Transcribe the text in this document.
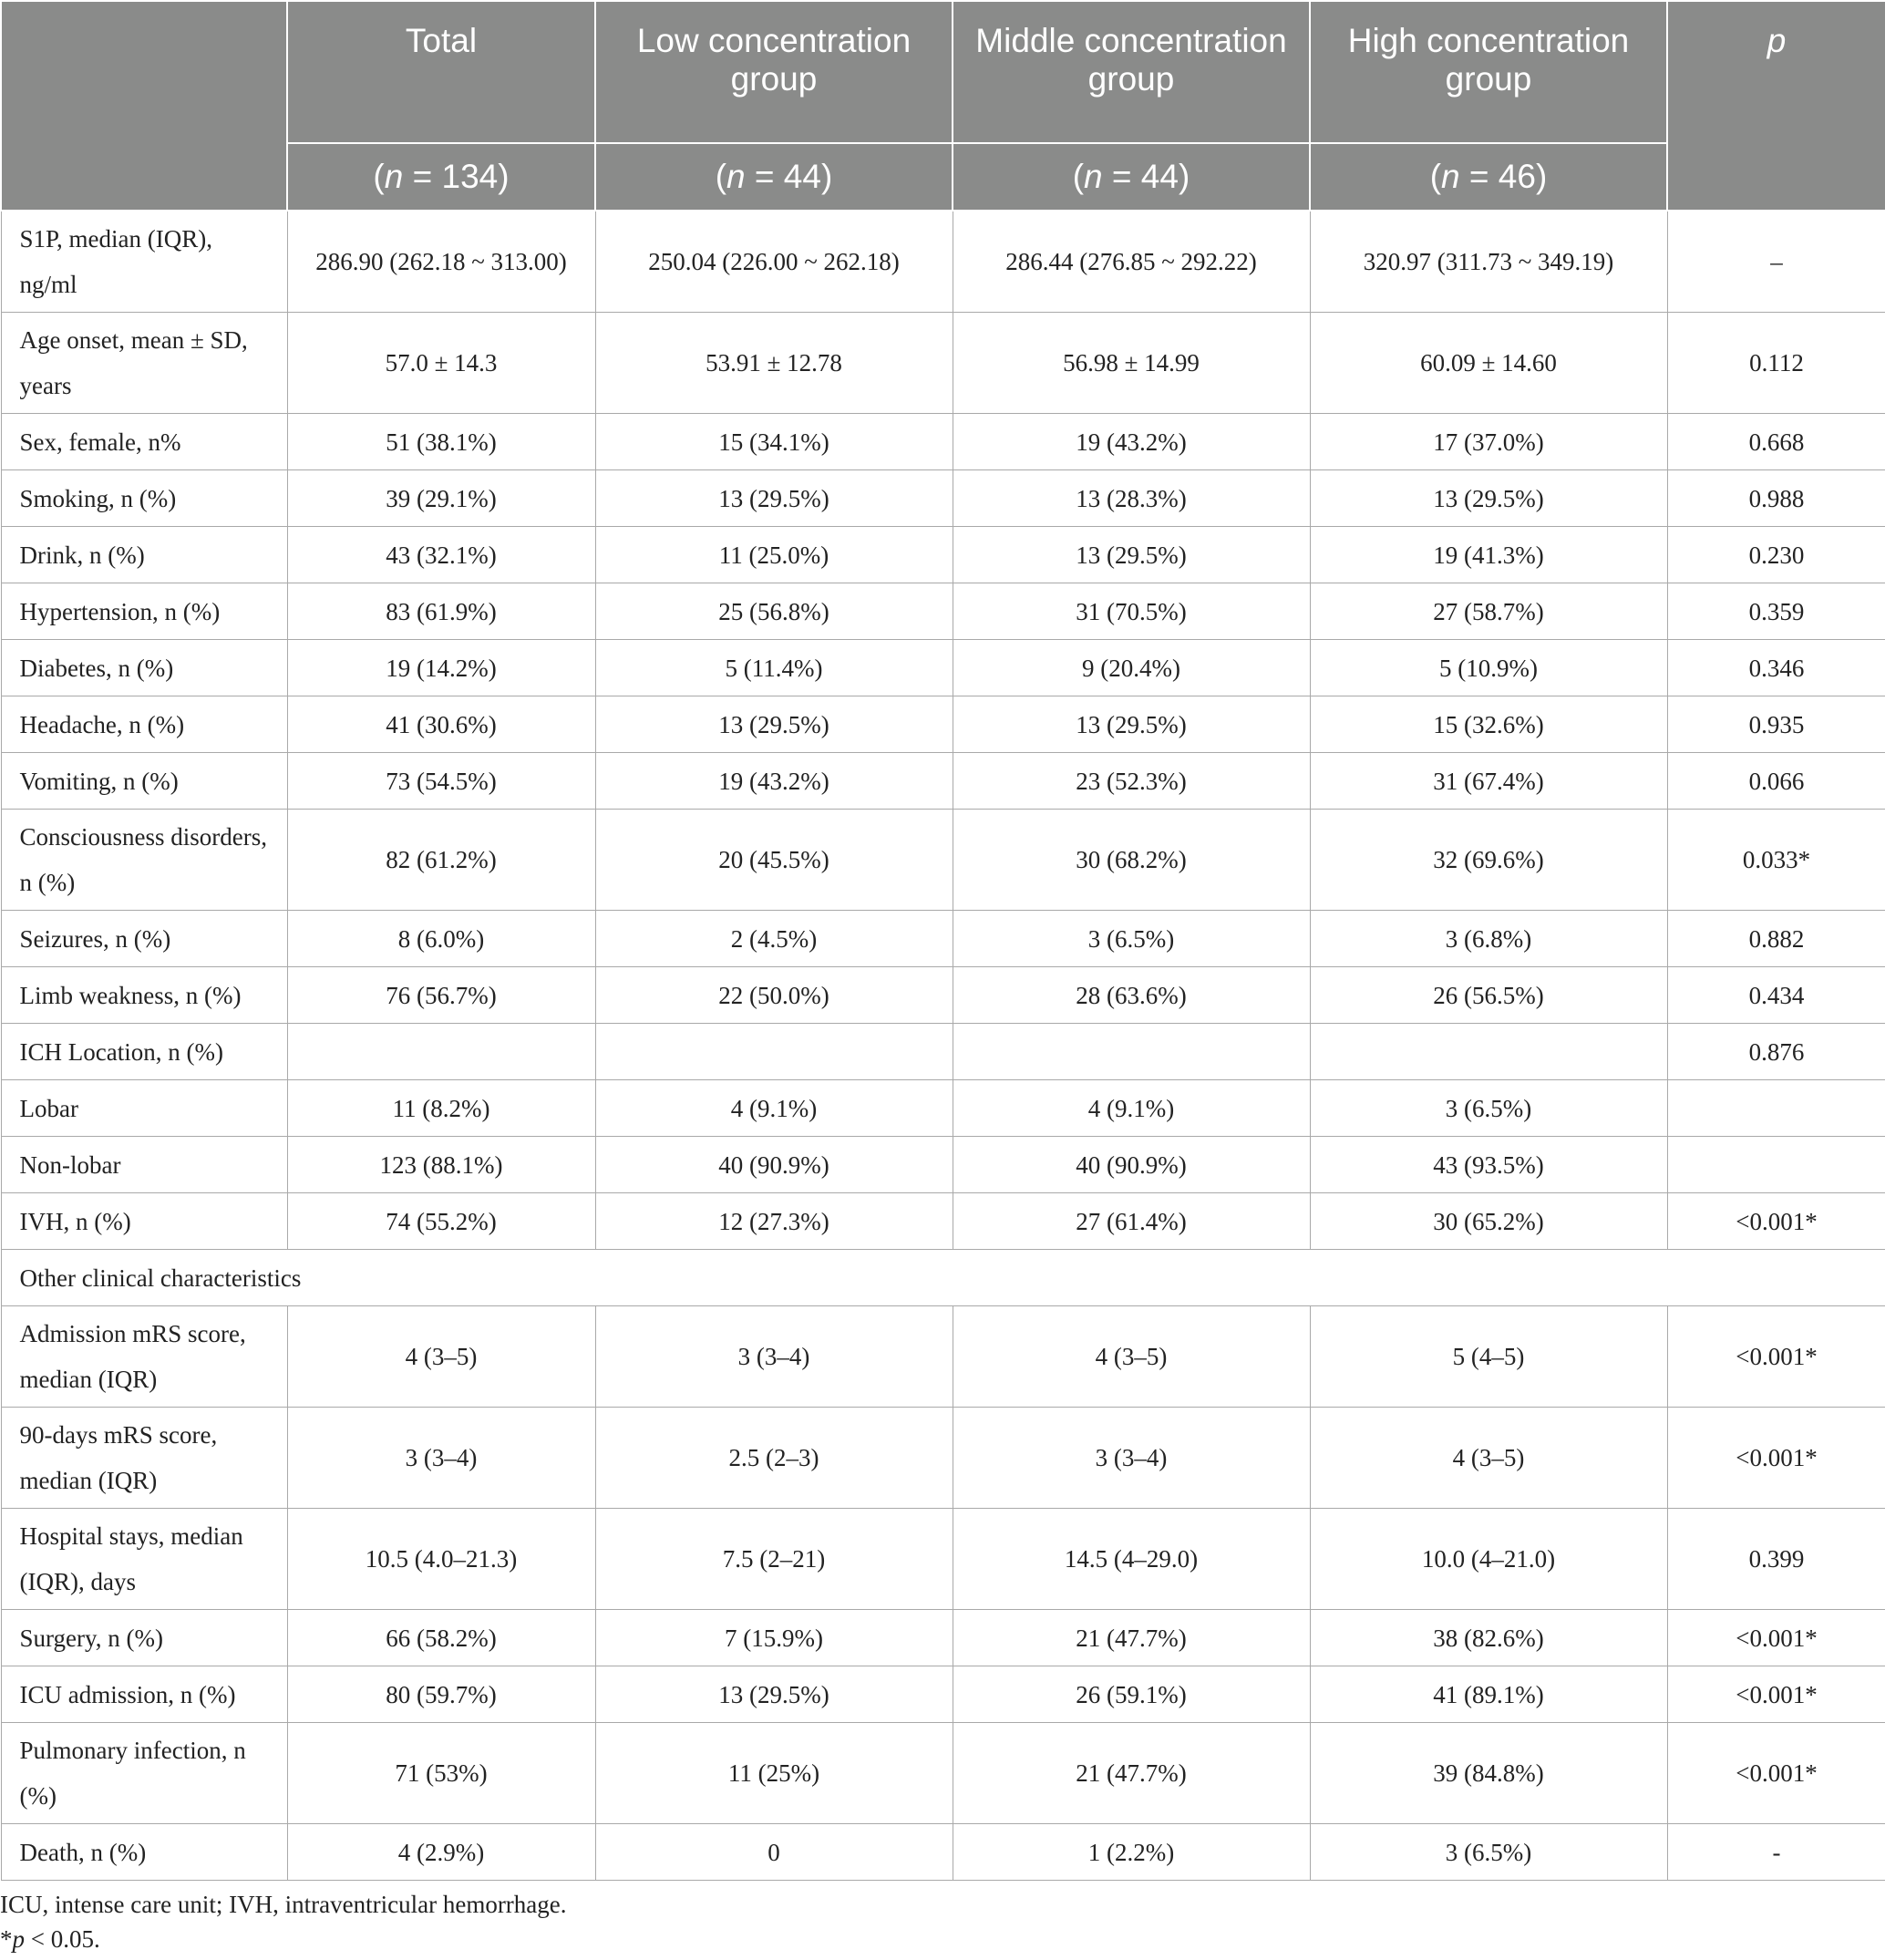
	Total	Low concentration group	Middle concentration group	High concentration group	p
	(n = 134)	(n = 44)	(n = 44)	(n = 46)	
S1P, median (IQR), ng/ml	286.90 (262.18 ~ 313.00)	250.04 (226.00 ~ 262.18)	286.44 (276.85 ~ 292.22)	320.97 (311.73 ~ 349.19)	–
Age onset, mean ± SD, years	57.0 ± 14.3	53.91 ± 12.78	56.98 ± 14.99	60.09 ± 14.60	0.112
Sex, female, n%	51 (38.1%)	15 (34.1%)	19 (43.2%)	17 (37.0%)	0.668
Smoking, n (%)	39 (29.1%)	13 (29.5%)	13 (28.3%)	13 (29.5%)	0.988
Drink, n (%)	43 (32.1%)	11 (25.0%)	13 (29.5%)	19 (41.3%)	0.230
Hypertension, n (%)	83 (61.9%)	25 (56.8%)	31 (70.5%)	27 (58.7%)	0.359
Diabetes, n (%)	19 (14.2%)	5 (11.4%)	9 (20.4%)	5 (10.9%)	0.346
Headache, n (%)	41 (30.6%)	13 (29.5%)	13 (29.5%)	15 (32.6%)	0.935
Vomiting, n (%)	73 (54.5%)	19 (43.2%)	23 (52.3%)	31 (67.4%)	0.066
Consciousness disorders, n (%)	82 (61.2%)	20 (45.5%)	30 (68.2%)	32 (69.6%)	0.033*
Seizures, n (%)	8 (6.0%)	2 (4.5%)	3 (6.5%)	3 (6.8%)	0.882
Limb weakness, n (%)	76 (56.7%)	22 (50.0%)	28 (63.6%)	26 (56.5%)	0.434
ICH Location, n (%)					0.876
Lobar	11 (8.2%)	4 (9.1%)	4 (9.1%)	3 (6.5%)	
Non-lobar	123 (88.1%)	40 (90.9%)	40 (90.9%)	43 (93.5%)	
IVH, n (%)	74 (55.2%)	12 (27.3%)	27 (61.4%)	30 (65.2%)	<0.001*
Other clinical characteristics					
Admission mRS score, median (IQR)	4 (3–5)	3 (3–4)	4 (3–5)	5 (4–5)	<0.001*
90-days mRS score, median (IQR)	3 (3–4)	2.5 (2–3)	3 (3–4)	4 (3–5)	<0.001*
Hospital stays, median (IQR), days	10.5 (4.0–21.3)	7.5 (2–21)	14.5 (4–29.0)	10.0 (4–21.0)	0.399
Surgery, n (%)	66 (58.2%)	7 (15.9%)	21 (47.7%)	38 (82.6%)	<0.001*
ICU admission, n (%)	80 (59.7%)	13 (29.5%)	26 (59.1%)	41 (89.1%)	<0.001*
Pulmonary infection, n (%)	71 (53%)	11 (25%)	21 (47.7%)	39 (84.8%)	<0.001*
Death, n (%)	4 (2.9%)	0	1 (2.2%)	3 (6.5%)	-
ICU, intense care unit; IVH, intraventricular hemorrhage.
*p < 0.05.
